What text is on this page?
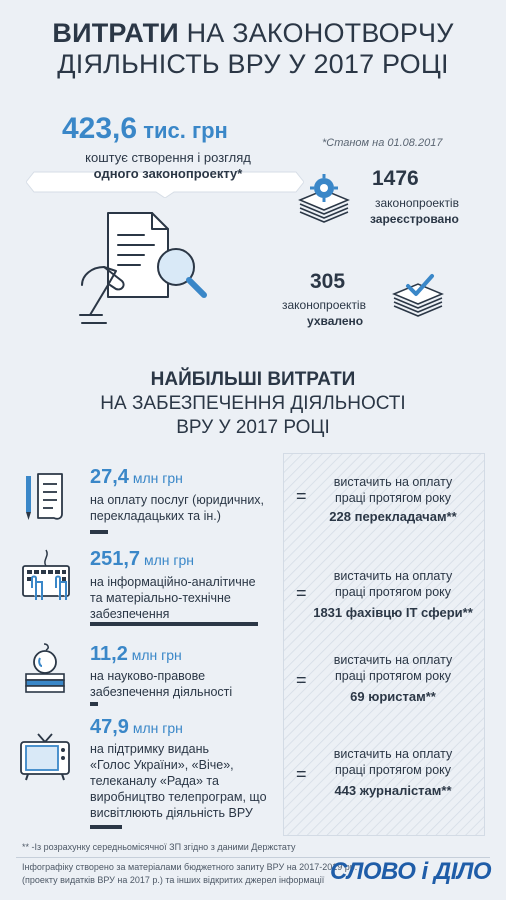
ВИТРАТИ НА ЗАКОНОТВОРЧУ
ДІЯЛЬНІСТЬ ВРУ У 2017 РОЦІ
423,6 тис. грн
коштує створення і розгляд
одного законопроекту*
*Станом на 01.08.2017
1476
законопроектів
зареєстровано
305
законопроектів
ухвалено
НАЙБІЛЬШІ ВИТРАТИ
НА ЗАБЕЗПЕЧЕННЯ ДІЯЛЬНОСТІ
ВРУ У 2017 РОЦІ
27,4 млн грн
на оплату послуг (юридичних,
перекладацьких та ін.)
=
вистачить на оплату
праці протягом року
228 перекладачам**
251,7 млн грн
на інформаційно-аналітичне
та матеріально-технічне
забезпечення
=
вистачить на оплату
праці протягом року
1831 фахівцю ІТ сфери**
11,2 млн грн
на науково-правове
забезпечення діяльності
=
вистачить на оплату
праці протягом року
69 юристам**
47,9 млн грн
на підтримку видань
«Голос України», «Віче»,
телеканалу «Рада» та
виробництво телепрограм, що
висвітлюють діяльність ВРУ
=
вистачить на оплату
праці протягом року
443 журналістам**
** -Із розрахунку середньомісячної ЗП згідно з даними Держстату
Інфографіку створено за матеріалами бюджетного запиту ВРУ на 2017-2019 рр.
(проекту видатків ВРУ на 2017 р.) та інших відкритих джерел інформації СЛОВО і ДІЛО
